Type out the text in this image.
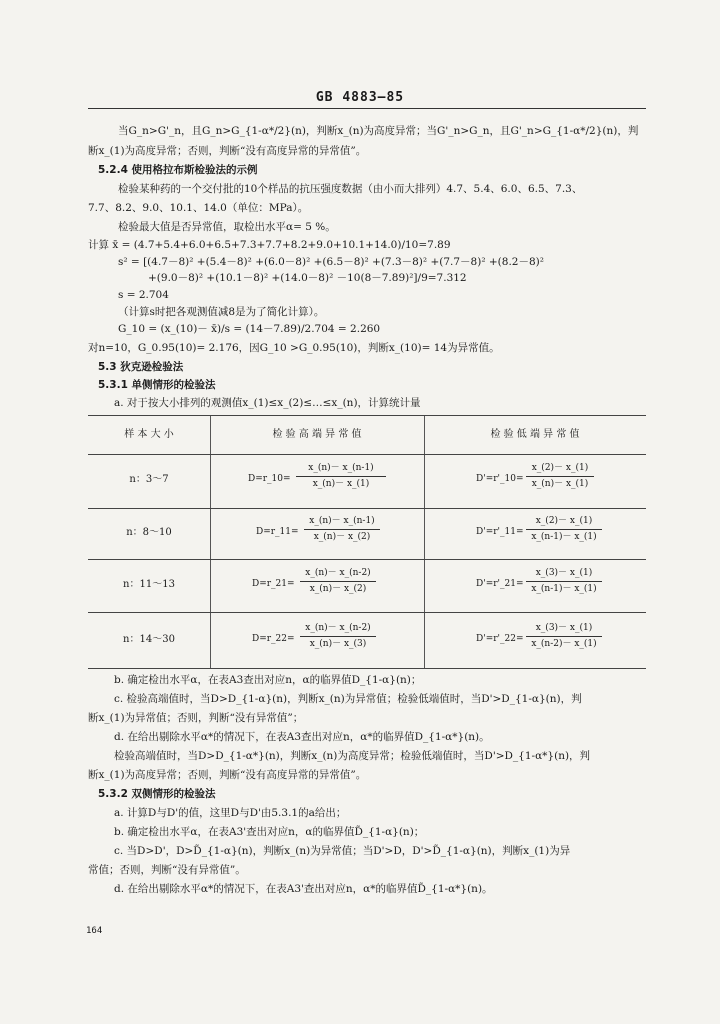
GB 4883—85
当G_n>G'_n，且G_n>G_{1-α*/2}(n)，判断x_(n)为高度异常；当G'_n>G_n，且G'_n>G_{1-α*/2}(n)，判
断x_(1)为高度异常；否则，判断“没有高度异常的异常值”。
5.2.4 使用格拉布斯检验法的示例
检验某种药的一个交付批的10个样品的抗压强度数据（由小而大排列）4.7、5.4、6.0、6.5、7.3、
7.7、8.2、9.0、10.1、14.0（单位：MPa）。
检验最大值是否异常值，取检出水平α= 5 %。
计算 x̄ = (4.7+5.4+6.0+6.5+7.3+7.7+8.2+9.0+10.1+14.0)/10=7.89
s² = [(4.7－8)² +(5.4－8)² +(6.0－8)² +(6.5－8)² +(7.3－8)² +(7.7－8)² +(8.2－8)²
+(9.0－8)² +(10.1－8)² +(14.0－8)² －10(8－7.89)²]/9=7.312
s = 2.704
（计算s时把各观测值减8是为了简化计算）。
G_10 = (x_(10)－ x̄)/s = (14－7.89)/2.704 = 2.260
对n=10，G_0.95(10)= 2.176，因G_10 >G_0.95(10)，判断x_(10)= 14为异常值。
5.3 狄克逊检验法
5.3.1 单侧情形的检验法
a. 对于按大小排列的观测值x_(1)≤x_(2)≤…≤x_(n)，计算统计量
样 本 大 小	检 验 高 端 异 常 值	检 验 低 端 异 常 值
n：3～7	D=r_10=
x_(n)－ x_(n-1)
x_(n)－ x_(1)	D'=r'_10=
x_(2)－ x_(1)
x_(n)－ x_(1)
n：8～10	D=r_11=
x_(n)－ x_(n-1)
x_(n)－ x_(2)	D'=r'_11=
x_(2)－ x_(1)
x_(n-1)－ x_(1)
n：11～13	D=r_21=
x_(n)－ x_(n-2)
x_(n)－ x_(2)	D'=r'_21=
x_(3)－ x_(1)
x_(n-1)－ x_(1)
n：14～30	D=r_22=
x_(n)－ x_(n-2)
x_(n)－ x_(3)	D'=r'_22=
x_(3)－ x_(1)
x_(n-2)－ x_(1)
b. 确定检出水平α，在表A3查出对应n，α的临界值D_{1-α}(n)；
c. 检验高端值时，当D>D_{1-α}(n)，判断x_(n)为异常值；检验低端值时，当D'>D_{1-α}(n)，判
断x_(1)为异常值；否则，判断“没有异常值”；
d. 在给出剔除水平α*的情况下，在表A3查出对应n，α*的临界值D_{1-α*}(n)。
检验高端值时，当D>D_{1-α*}(n)，判断x_(n)为高度异常；检验低端值时，当D'>D_{1-α*}(n)，判
断x_(1)为高度异常；否则，判断“没有高度异常的异常值”。
5.3.2 双侧情形的检验法
a. 计算D与D'的值，这里D与D'由5.3.1的a给出；
b. 确定检出水平α，在表A3'查出对应n，α的临界值D̃_{1-α}(n)；
c. 当D>D'，D>D̃_{1-α}(n)，判断x_(n)为异常值；当D'>D，D'>D̃_{1-α}(n)，判断x_(1)为异
常值；否则，判断“没有异常值”。
d. 在给出剔除水平α*的情况下，在表A3'查出对应n，α*的临界值D̃_{1-α*}(n)。
164
